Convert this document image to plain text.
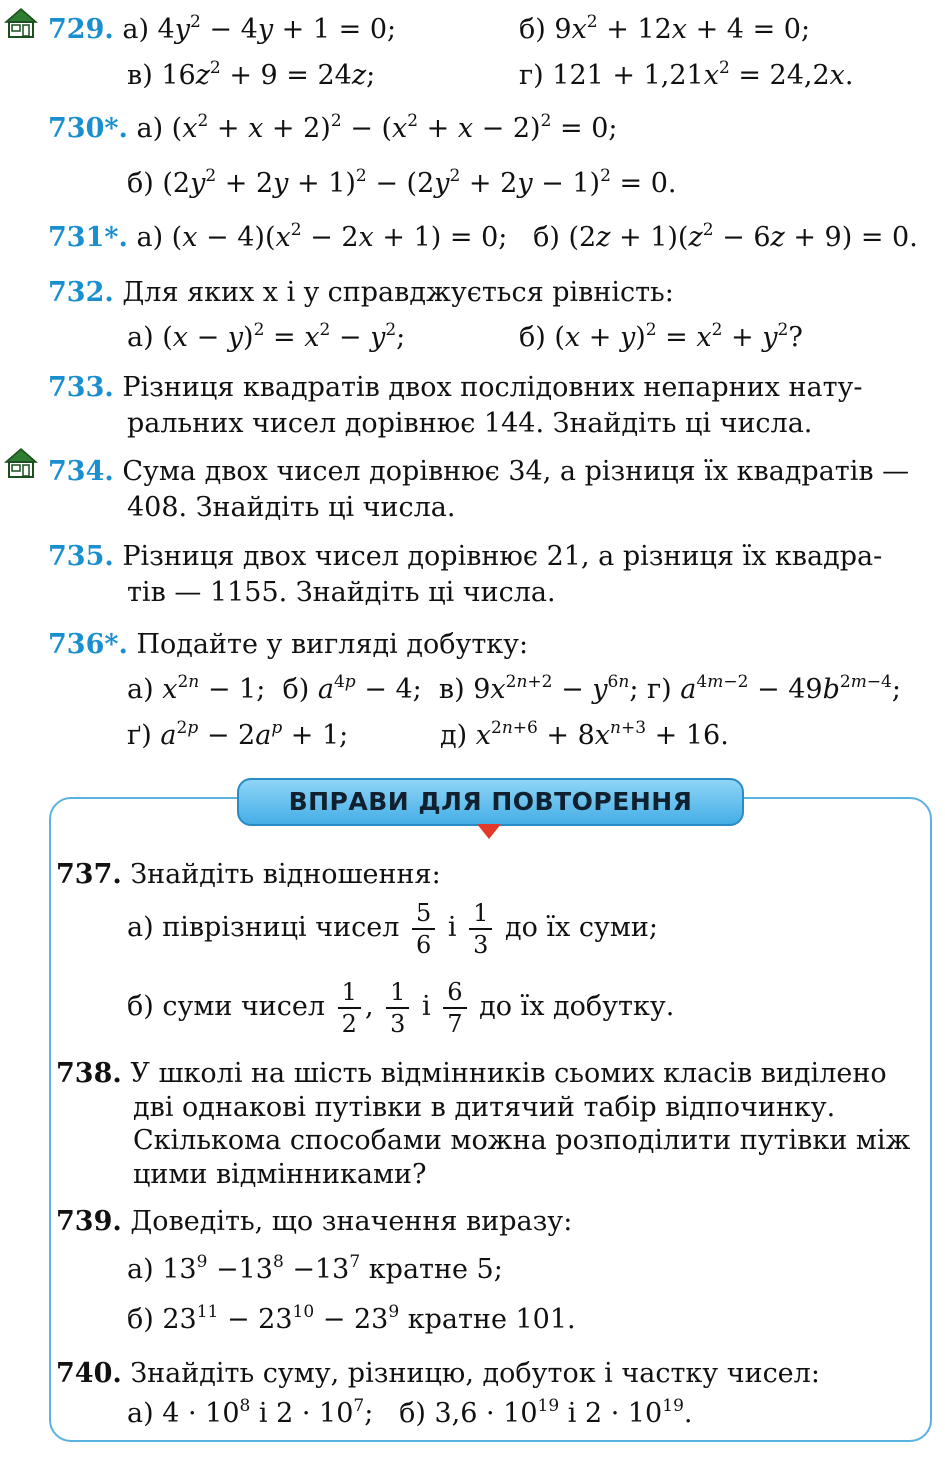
729. а) $4y^2 - 4y + 1 = 0$;	б) $9x^2 + 12x + 4 = 0$;
в) $16z^2 + 9 = 24z$;	г) $121 + 1,21x^2 = 24,2x$.
730*. а) $(x^2 + x + 2)^2 - (x^2 + x - 2)^2 = 0$;
б) $(2y^2 + 2y + 1)^2 - (2y^2 + 2y - 1)^2 = 0$.
731*. а) $(x - 4)(x^2 - 2x + 1) = 0$;   б) $(2z + 1)(z^2 - 6z + 9) = 0$.
732. Для яких x і y справджується рівність:
а) $(x - y)^2 = x^2 - y^2$;	б) $(x + y)^2 = x^2 + y^2$?
733. Різниця квадратів двох послідовних непарних нату-
ральних чисел дорівнює 144. Знайдіть ці числа.
734. Сума двох чисел дорівнює 34, а різниця їх квадратів —
408. Знайдіть ці числа.
735. Різниця двох чисел дорівнює 21, а різниця їх квадра-
тів — 1155. Знайдіть ці числа.
736*. Подайте у вигляді добутку:
а) $x^{2n} - 1$;  б) $a^{4p} - 4$;  в) $9x^{2n+2} - y^{6n}$; г) $a^{4m-2} - 49b^{2m-4}$;
ґ) $a^{2p} - 2a^p + 1$;	д) $x^{2n+6} + 8x^{n+3} + 16$.
ВПРАВИ ДЛЯ ПОВТОРЕННЯ
737. Знайдіть відношення:
а) піврізниці чисел $\frac{5}{6}$ і $\frac{1}{3}$ до їх суми;
б) суми чисел $\frac{1}{2}$ , $\frac{1}{3}$ і $\frac{6}{7}$ до їх добутку.
738. У школі на шість відмінників сьомих класів виділено
дві однакові путівки в дитячий табір відпочинку.
Скількома способами можна розподілити путівки між
цими відмінниками?
739. Доведіть, що значення виразу:
а) $13^9 -13^8 -13^7$ кратне 5;
б) $23^{11} - 23^{10} - 23^9$ кратне 101.
740. Знайдіть суму, різницю, добуток і частку чисел:
а) $4 \cdot 10^8$ і $2 \cdot 10^7$;   б) $3,6 \cdot 10^{19}$ і $2 \cdot 10^{19}$.
